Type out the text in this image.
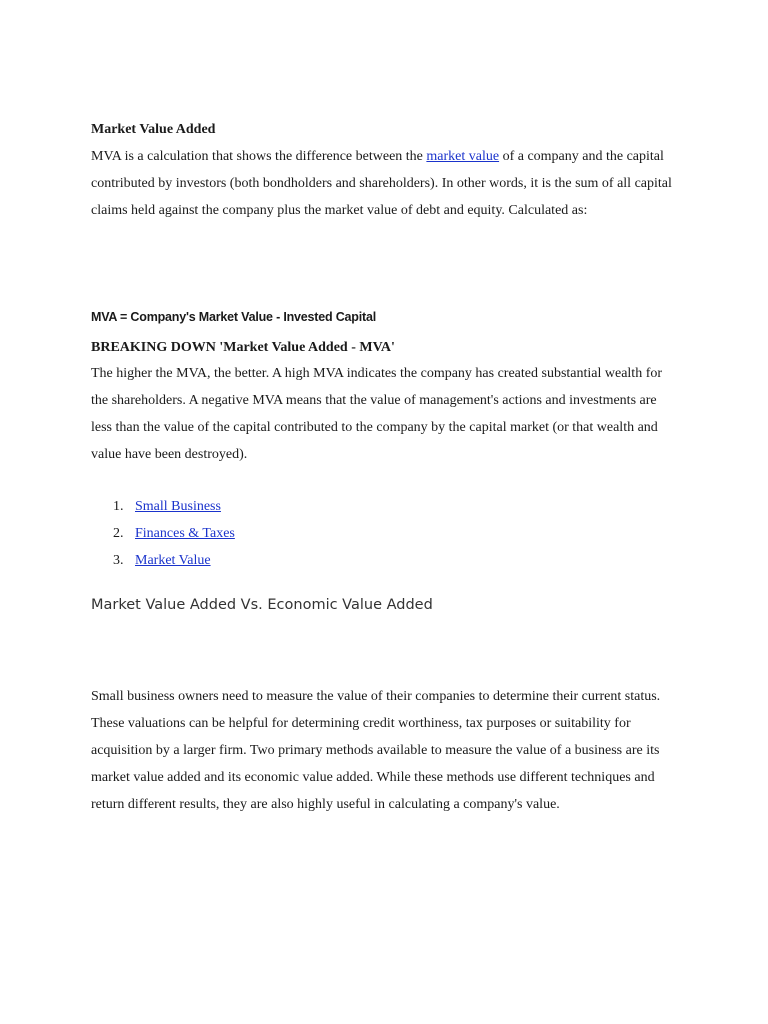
Market Value Added

MVA is a calculation that shows the difference between the market value of a company and the capital contributed by investors (both bondholders and shareholders). In other words, it is the sum of all capital claims held against the company plus the market value of debt and equity. Calculated as:

MVA = Company's Market Value - Invested Capital

BREAKING DOWN 'Market Value Added - MVA'

The higher the MVA, the better. A high MVA indicates the company has created substantial wealth for the shareholders. A negative MVA means that the value of management's actions and investments are less than the value of the capital contributed to the company by the capital market (or that wealth and value have been destroyed).

1. Small Business
2. Finances & Taxes
3. Market Value
Market Value Added Vs. Economic Value Added

Small business owners need to measure the value of their companies to determine their current status. These valuations can be helpful for determining credit worthiness, tax purposes or suitability for acquisition by a larger firm. Two primary methods available to measure the value of a business are its market value added and its economic value added. While these methods use different techniques and return different results, they are also highly useful in calculating a company's value.
